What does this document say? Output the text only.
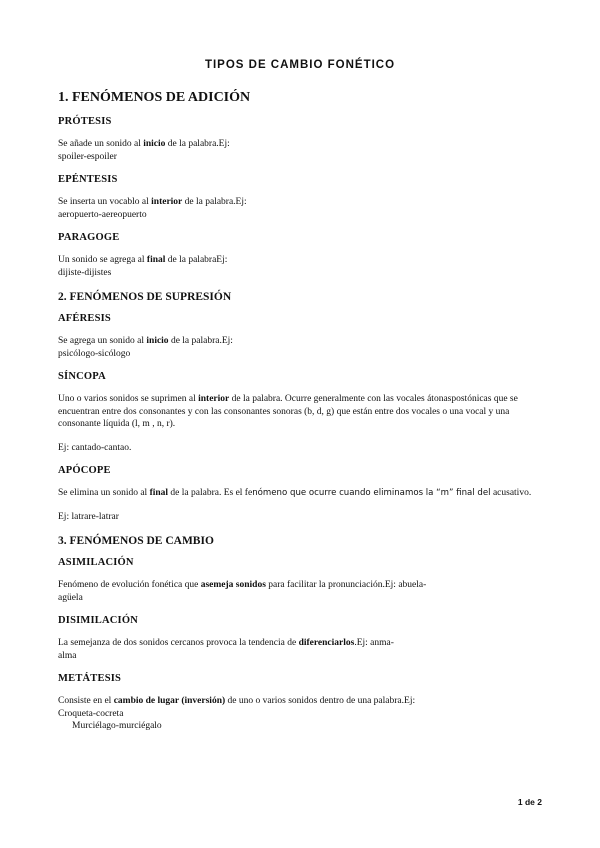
TIPOS DE CAMBIO FONÉTICO
1. FENÓMENOS DE ADICIÓN
PRÓTESIS
Se añade un sonido al inicio de la palabra.Ej:
spoiler-espoiler
EPÉNTESIS
Se inserta un vocablo al interior de la palabra.Ej:
aeropuerto-aereopuerto
PARAGOGE
Un sonido se agrega al final de la palabraEj:
dijiste-dijistes
2. FENÓMENOS DE SUPRESIÓN
AFÉRESIS
Se agrega un sonido al inicio de la palabra.Ej:
psicólogo-sicólogo
SÍNCOPA
Uno o varios sonidos se suprimen al interior de la palabra. Ocurre generalmente con las vocales átonaspostónicas que se encuentran entre dos consonantes y con las consonantes sonoras (b, d, g) que están entre dos vocales o una vocal y una consonante líquida (l, m , n, r).
Ej: cantado-cantao.
APÓCOPE
Se elimina un sonido al final de la palabra. Es el fenómeno que ocurre cuando eliminamos la “m” final del acusativo.
Ej: latrare-latrar
3. FENÓMENOS DE CAMBIO
ASIMILACIÓN
Fenómeno de evolución fonética que asemeja sonidos para facilitar la pronunciación.Ej: abuela-
agüela
DISIMILACIÓN
La semejanza de dos sonidos cercanos provoca la tendencia de diferenciarlos.Ej: anma-
alma
METÁTESIS
Consiste en el cambio de lugar (inversión) de uno o varios sonidos dentro de una palabra.Ej:
Croqueta-cocreta
Murciélago-murciégalo
1 de 2
